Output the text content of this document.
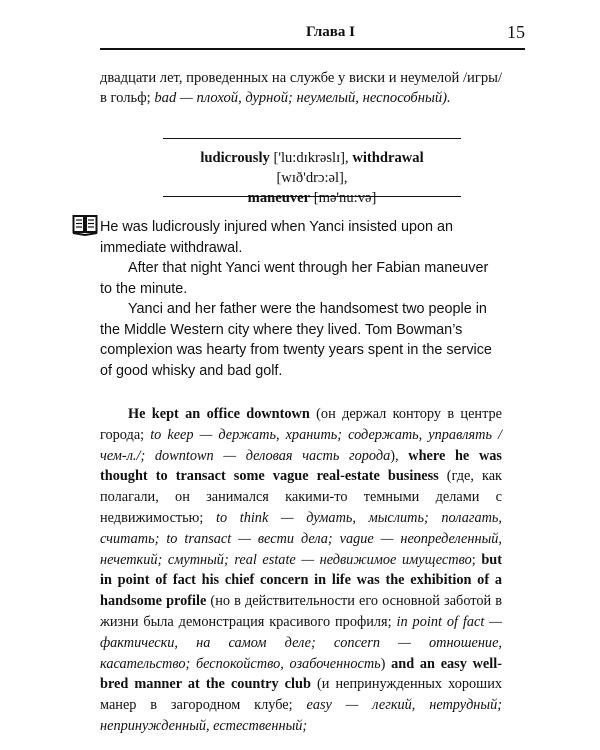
Глава I	15
двадцати лет, проведенных на службе у виски и неумелой /игры/ в гольф; bad — плохой, дурной; неумелый, неспособный).
ludicrously ['lu:dɪkrəslɪ], withdrawal [wɪð'drɔ:əl],
maneuver [mə'nu:və]

He was ludicrously injured when Yanci insisted upon an immediate withdrawal.

After that night Yanci went through her Fabian maneuver to the minute.

Yanci and her father were the handsomest two people in the Middle Western city where they lived. Tom Bowman’s complexion was hearty from twenty years spent in the service of good whisky and bad golf.

He kept an office downtown (он держал контору в центре города; to keep — держать, хранить; содержать, управлять /чем-л./; downtown — деловая часть города), where he was thought to transact some vague real-estate business (где, как полагали, он занимался какими-то темными делами с недвижимостью; to think — думать, мыслить; полагать, считать; to transact — вести дела; vague — неопределенный, нечеткий; смутный; real estate — недвижимое имущество; but in point of fact his chief concern in life was the exhibition of a handsome profile (но в действительности его основной заботой в жизни была демонстрация красивого профиля; in point of fact — фактически, на самом деле; concern — отношение, касательство; беспокойство, озабоченность) and an easy well-bred manner at the country club (и непринужденных хороших манер в загородном клубе; easy — легкий, нетрудный; непринужденный, естественный;
